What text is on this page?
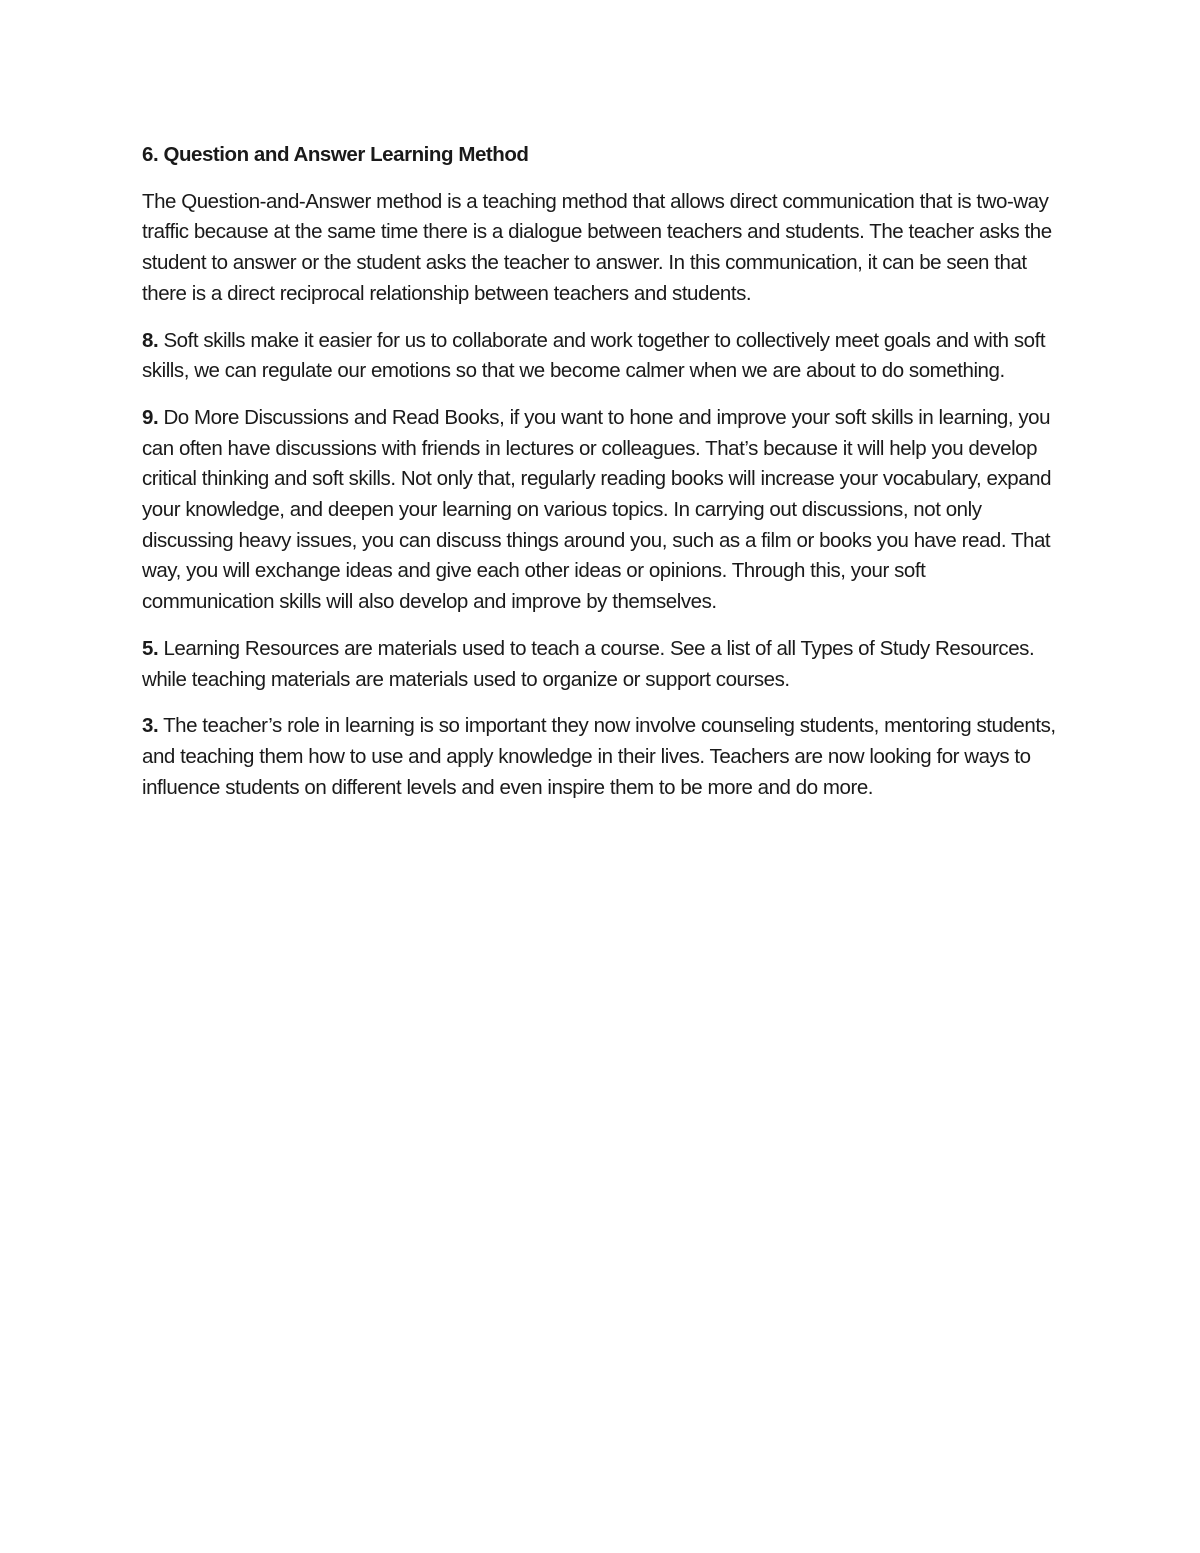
6. Question and Answer Learning Method

The Question-and-Answer method is a teaching method that allows direct communication that is two-way traffic because at the same time there is a dialogue between teachers and students. The teacher asks the student to answer or the student asks the teacher to answer. In this communication, it can be seen that there is a direct reciprocal relationship between teachers and students.

8. Soft skills make it easier for us to collaborate and work together to collectively meet goals and with soft skills, we can regulate our emotions so that we become calmer when we are about to do something.

9. Do More Discussions and Read Books, if you want to hone and improve your soft skills in learning, you can often have discussions with friends in lectures or colleagues. That’s because it will help you develop critical thinking and soft skills. Not only that, regularly reading books will increase your vocabulary, expand your knowledge, and deepen your learning on various topics. In carrying out discussions, not only discussing heavy issues, you can discuss things around you, such as a film or books you have read. That way, you will exchange ideas and give each other ideas or opinions. Through this, your soft communication skills will also develop and improve by themselves.

5. Learning Resources are materials used to teach a course. See a list of all Types of Study Resources. while teaching materials are materials used to organize or support courses.

3. The teacher’s role in learning is so important they now involve counseling students, mentoring students, and teaching them how to use and apply knowledge in their lives. Teachers are now looking for ways to influence students on different levels and even inspire them to be more and do more.
